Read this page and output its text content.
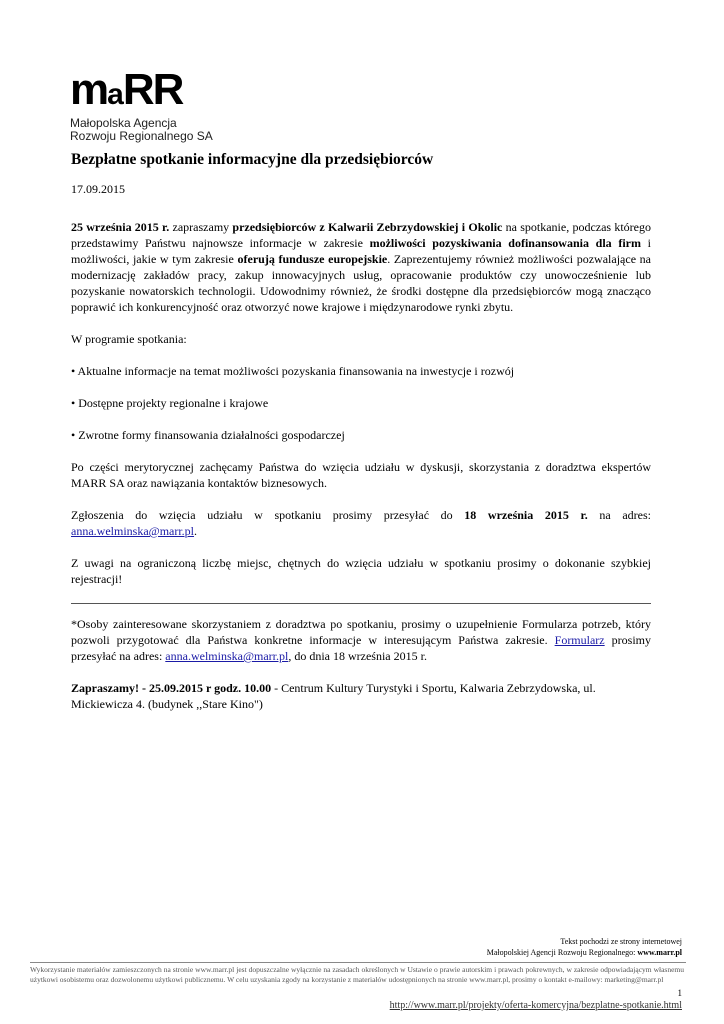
maRR
Małopolska Agencja
Rozwoju Regionalnego SA
Bezpłatne spotkanie informacyjne dla przedsiębiorców
17.09.2015

25 września 2015 r. zapraszamy przedsiębiorców z Kalwarii Zebrzydowskiej i Okolic na spotkanie, podczas którego przedstawimy Państwu najnowsze informacje w zakresie możliwości pozyskiwania dofinansowania dla firm i możliwości, jakie w tym zakresie oferują fundusze europejskie. Zaprezentujemy również możliwości pozwalające na modernizację zakładów pracy, zakup innowacyjnych usług, opracowanie produktów czy unowocześnienie lub pozyskanie nowatorskich technologii. Udowodnimy również, że środki dostępne dla przedsiębiorców mogą znacząco poprawić ich konkurencyjność oraz otworzyć nowe krajowe i międzynarodowe rynki zbytu.

W programie spotkania:

• Aktualne informacje na temat możliwości pozyskania finansowania na inwestycje i rozwój
• Dostępne projekty regionalne i krajowe
• Zwrotne formy finansowania działalności gospodarczej

Po części merytorycznej zachęcamy Państwa do wzięcia udziału w dyskusji, skorzystania z doradztwa ekspertów MARR SA oraz nawiązania kontaktów biznesowych.

Zgłoszenia do wzięcia udziału w spotkaniu prosimy przesyłać do 18 września 2015 r. na adres: anna.welminska@marr.pl.

Z uwagi na ograniczoną liczbę miejsc, chętnych do wzięcia udziału w spotkaniu prosimy o dokonanie szybkiej rejestracji!

*Osoby zainteresowane skorzystaniem z doradztwa po spotkaniu, prosimy o uzupełnienie Formularza potrzeb, który pozwoli przygotować dla Państwa konkretne informacje w interesującym Państwa zakresie. Formularz prosimy przesyłać na adres: anna.welminska@marr.pl, do dnia 18 września 2015 r.

Zapraszamy! - 25.09.2015 r godz. 10.00 - Centrum Kultury Turystyki i Sportu, Kalwaria Zebrzydowska, ul. Mickiewicza 4. (budynek ,,Stare Kino")

Tekst pochodzi ze strony internetowej
Małopolskiej Agencji Rozwoju Regionalnego: www.marr.pl
Wykorzystanie materiałów zamieszczonych na stronie www.marr.pl jest dopuszczalne wyłącznie na zasadach określonych w Ustawie o prawie autorskim i prawach pokrewnych, w zakresie odpowiadającym własnemu użytkowi osobistemu oraz dozwolonemu użytkowi publicznemu. W celu uzyskania zgody na korzystanie z materiałów udostępnionych na stronie www.marr.pl, prosimy o kontakt e-mailowy: marketing@marr.pl
1
http://www.marr.pl/projekty/oferta-komercyjna/bezplatne-spotkanie.html
